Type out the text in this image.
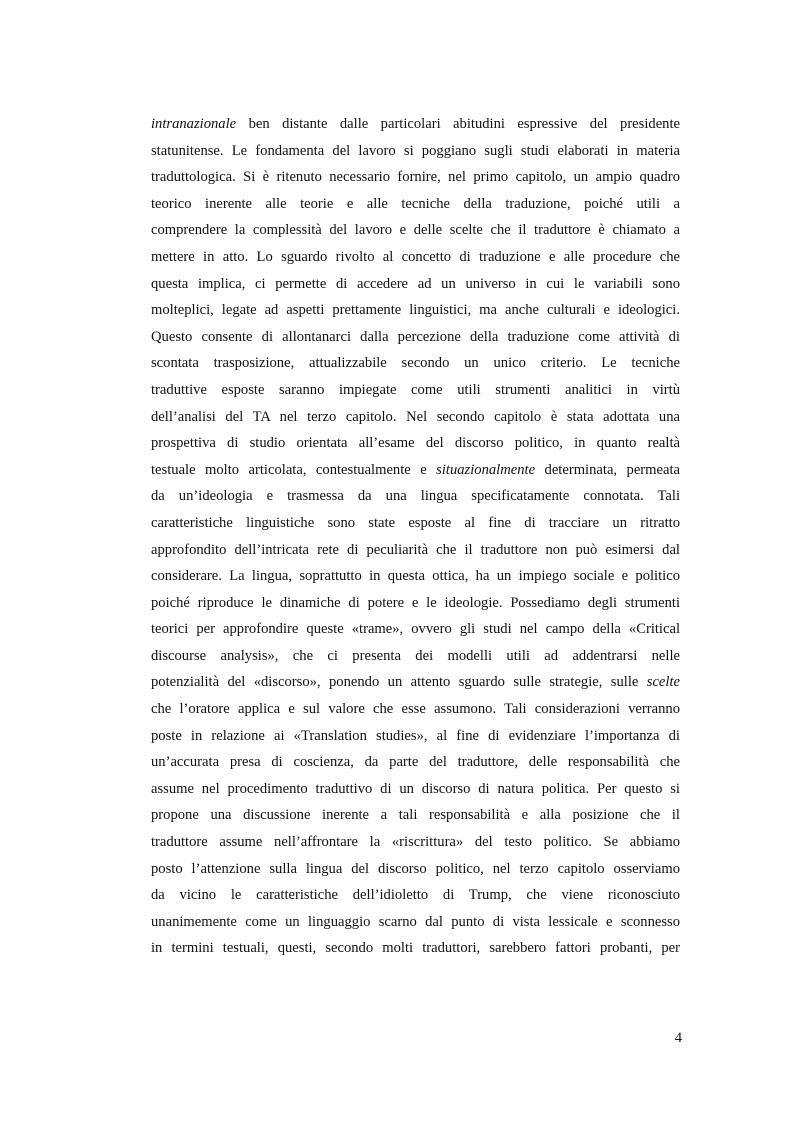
intranazionale ben distante dalle particolari abitudini espressive del presidente
statunitense. Le fondamenta del lavoro si poggiano sugli studi elaborati in materia
traduttologica. Si è ritenuto necessario fornire, nel primo capitolo, un ampio quadro
teorico inerente alle teorie e alle tecniche della traduzione, poiché utili a
comprendere la complessità del lavoro e delle scelte che il traduttore è chiamato a
mettere in atto. Lo sguardo rivolto al concetto di traduzione e alle procedure che
questa implica, ci permette di accedere ad un universo in cui le variabili sono
molteplici, legate ad aspetti prettamente linguistici, ma anche culturali e ideologici.
Questo consente di allontanarci dalla percezione della traduzione come attività di
scontata trasposizione, attualizzabile secondo un unico criterio. Le tecniche
traduttive esposte saranno impiegate come utili strumenti analitici in virtù
dell’analisi del TA nel terzo capitolo. Nel secondo capitolo è stata adottata una
prospettiva di studio orientata all’esame del discorso politico, in quanto realtà
testuale molto articolata, contestualmente e situazionalmente determinata, permeata
da un’ideologia e trasmessa da una lingua specificatamente connotata. Tali
caratteristiche linguistiche sono state esposte al fine di tracciare un ritratto
approfondito dell’intricata rete di peculiarità che il traduttore non può esimersi dal
considerare. La lingua, soprattutto in questa ottica, ha un impiego sociale e politico
poiché riproduce le dinamiche di potere e le ideologie. Possediamo degli strumenti
teorici per approfondire queste «trame», ovvero gli studi nel campo della «Critical
discourse analysis», che ci presenta dei modelli utili ad addentrarsi nelle
potenzialità del «discorso», ponendo un attento sguardo sulle strategie, sulle scelte
che l’oratore applica e sul valore che esse assumono. Tali considerazioni verranno
poste in relazione ai «Translation studies», al fine di evidenziare l’importanza di
un’accurata presa di coscienza, da parte del traduttore, delle responsabilità che
assume nel procedimento traduttivo di un discorso di natura politica. Per questo si
propone una discussione inerente a tali responsabilità e alla posizione che il
traduttore assume nell’affrontare la «riscrittura» del testo politico. Se abbiamo
posto l’attenzione sulla lingua del discorso politico, nel terzo capitolo osserviamo
da vicino le caratteristiche dell’idioletto di Trump, che viene riconosciuto
unanimemente come un linguaggio scarno dal punto di vista lessicale e sconnesso
in termini testuali, questi, secondo molti traduttori, sarebbero fattori probanti, per
4
